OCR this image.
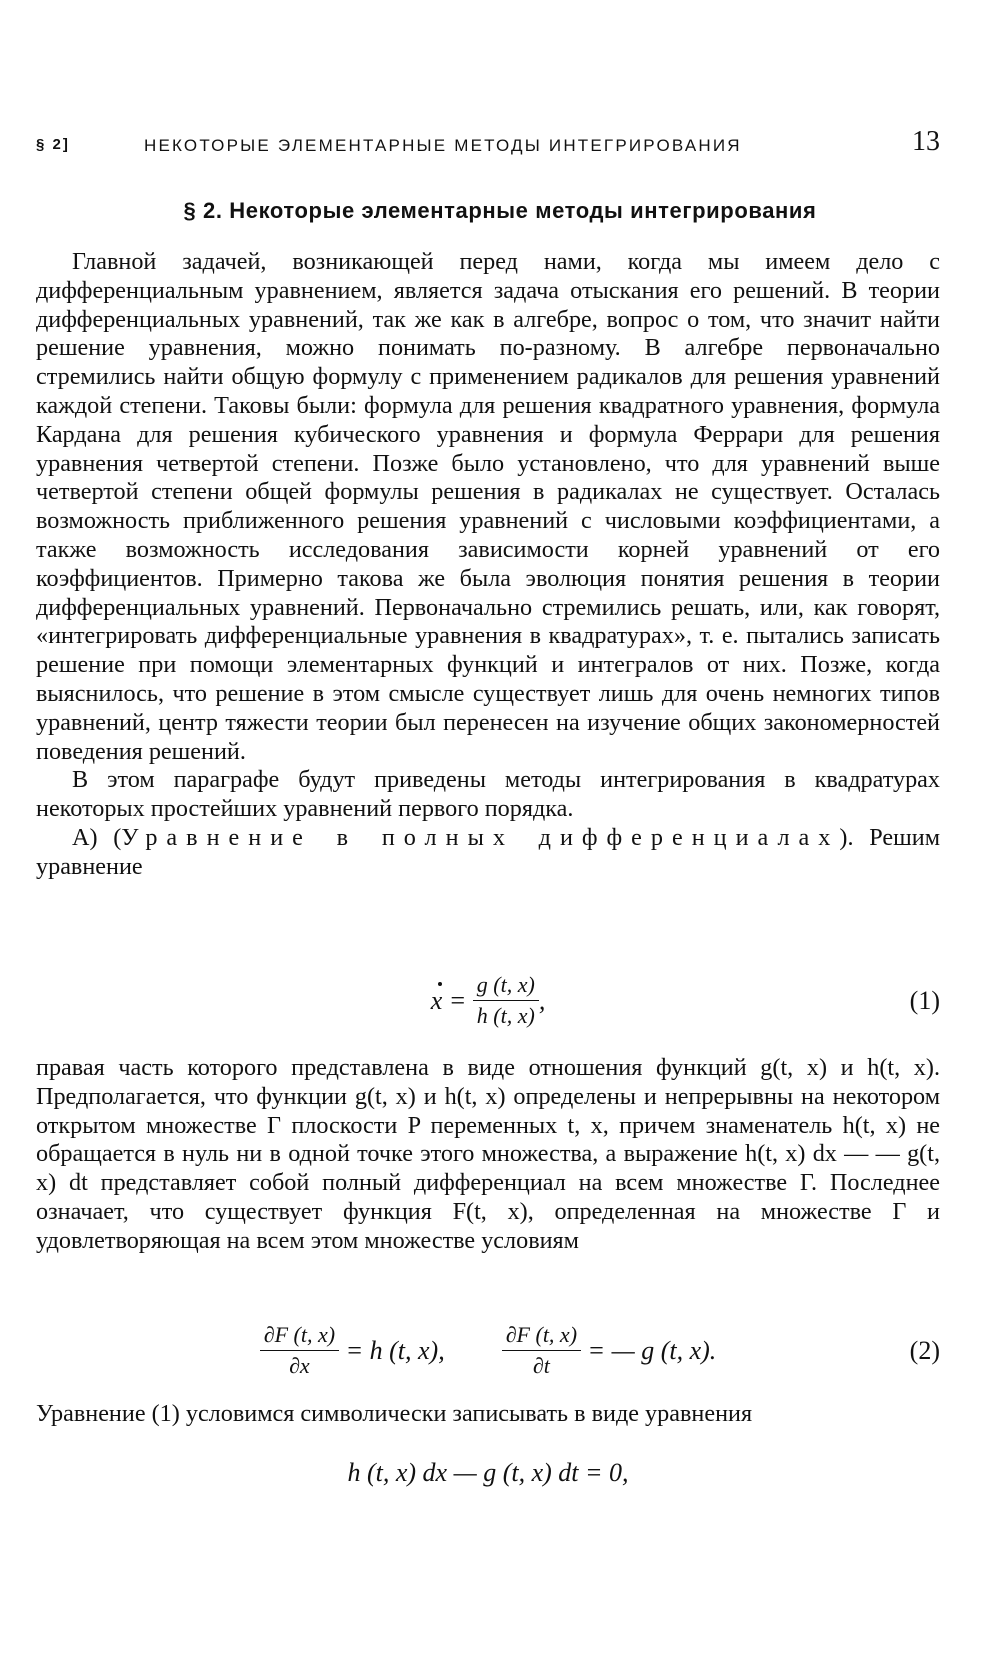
§ 2]	НЕКОТОРЫЕ ЭЛЕМЕНТАРНЫЕ МЕТОДЫ ИНТЕГРИРОВАНИЯ	13
§ 2. Некоторые элементарные методы интегрирования

Главной задачей, возникающей перед нами, когда мы имеем дело с дифференциальным уравнением, является задача отыскания его решений. В теории дифференциальных уравнений, так же как в алгебре, вопрос о том, что значит найти решение уравнения, можно понимать по-разному. В алгебре первоначально стремились найти общую формулу с применением радикалов для решения уравнений каждой степени. Таковы были: формула для решения квадратного уравнения, формула Кардана для решения кубического уравнения и формула Феррари для решения уравнения четвертой степени. Позже было установлено, что для уравнений выше четвертой степени общей формулы решения в радикалах не существует. Осталась возможность приближенного решения уравнений с числовыми коэффициентами, а также возможность исследования зависимости корней уравнений от его коэффициентов. Примерно такова же была эволюция понятия решения в теории дифференциальных уравнений. Первоначально стремились решать, или, как говорят, «интегрировать дифференциальные уравнения в квадратурах», т. е. пытались записать решение при помощи элементарных функций и интегралов от них. Позже, когда выяснилось, что решение в этом смысле существует лишь для очень немногих типов уравнений, центр тяжести теории был перенесен на изучение общих закономерностей поведения решений.

В этом параграфе будут приведены методы интегрирования в квадратурах некоторых простейших уравнений первого порядка.

А) (Уравнение в полных дифференциалах). Решим уравнение

$x = \frac{g (t, x)}{h (t, x)}$ ,	(1)

правая часть которого представлена в виде отношения функций g(t, x) и h(t, x). Предполагается, что функции g(t, x) и h(t, x) определены и непрерывны на некотором открытом множестве Γ плоскости P переменных t, x, причем знаменатель h(t, x) не обращается в нуль ни в одной точке этого множества, а выражение h(t, x) dx — — g(t, x) dt представляет собой полный дифференциал на всем множестве Γ. Последнее означает, что существует функция F(t, x), определенная на множестве Γ и удовлетворяющая на всем этом множестве условиям

$\frac{\partial F (t, x)}{\partial x} = h$ (t, x),	$\frac{\partial F (t, x)}{\partial t}$ = — g (t, x).	(2)

Уравнение (1) условимся символически записывать в виде уравнения

h (t, x) dx — g (t, x) dt = 0,
